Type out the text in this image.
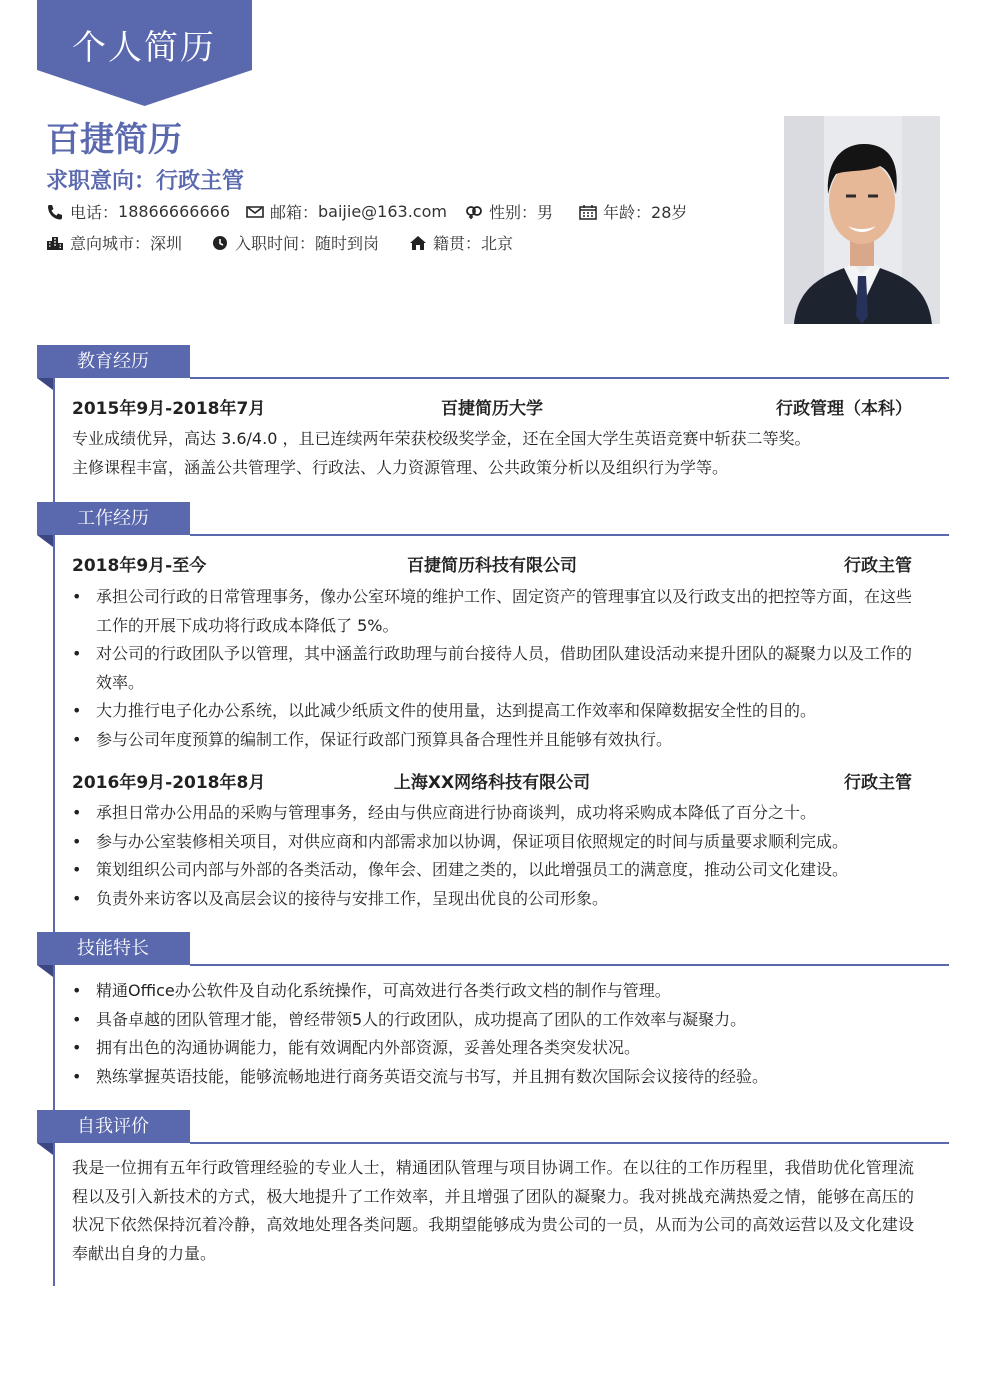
个人简历
百捷简历
求职意向：行政主管
电话： 18866666666	邮箱： baijie@163.com	性别： 男	年龄： 28岁
意向城市： 深圳	入职时间： 随时到岗	籍贯： 北京
教育经历
2015年9月-2018年7月	百捷简历大学	行政管理（本科）
专业成绩优异，高达 3.6/4.0 ，且已连续两年荣获校级奖学金，还在全国大学生英语竞赛中斩获二等奖。
主修课程丰富，涵盖公共管理学、行政法、人力资源管理、公共政策分析以及组织行为学等。
工作经历
2018年9月-至今	百捷简历科技有限公司	行政主管
• 承担公司行政的日常管理事务，像办公室环境的维护工作、固定资产的管理事宜以及行政支出的把控等方面，在这些工作的开展下成功将行政成本降低了 5%。
• 对公司的行政团队予以管理，其中涵盖行政助理与前台接待人员，借助团队建设活动来提升团队的凝聚力以及工作的效率。
• 大力推行电子化办公系统，以此减少纸质文件的使用量，达到提高工作效率和保障数据安全性的目的。
• 参与公司年度预算的编制工作，保证行政部门预算具备合理性并且能够有效执行。
2016年9月-2018年8月	上海XX网络科技有限公司	行政主管
• 承担日常办公用品的采购与管理事务，经由与供应商进行协商谈判，成功将采购成本降低了百分之十。
• 参与办公室装修相关项目，对供应商和内部需求加以协调，保证项目依照规定的时间与质量要求顺利完成。
• 策划组织公司内部与外部的各类活动，像年会、团建之类的，以此增强员工的满意度，推动公司文化建设。
• 负责外来访客以及高层会议的接待与安排工作，呈现出优良的公司形象。
技能特长
• 精通Office办公软件及自动化系统操作，可高效进行各类行政文档的制作与管理。
• 具备卓越的团队管理才能，曾经带领5人的行政团队，成功提高了团队的工作效率与凝聚力。
• 拥有出色的沟通协调能力，能有效调配内外部资源，妥善处理各类突发状况。
• 熟练掌握英语技能，能够流畅地进行商务英语交流与书写，并且拥有数次国际会议接待的经验。
自我评价
我是一位拥有五年行政管理经验的专业人士，精通团队管理与项目协调工作。在以往的工作历程里，我借助优化管理流程以及引入新技术的方式，极大地提升了工作效率，并且增强了团队的凝聚力。我对挑战充满热爱之情，能够在高压的状况下依然保持沉着冷静，高效地处理各类问题。我期望能够成为贵公司的一员，从而为公司的高效运营以及文化建设奉献出自身的力量。
